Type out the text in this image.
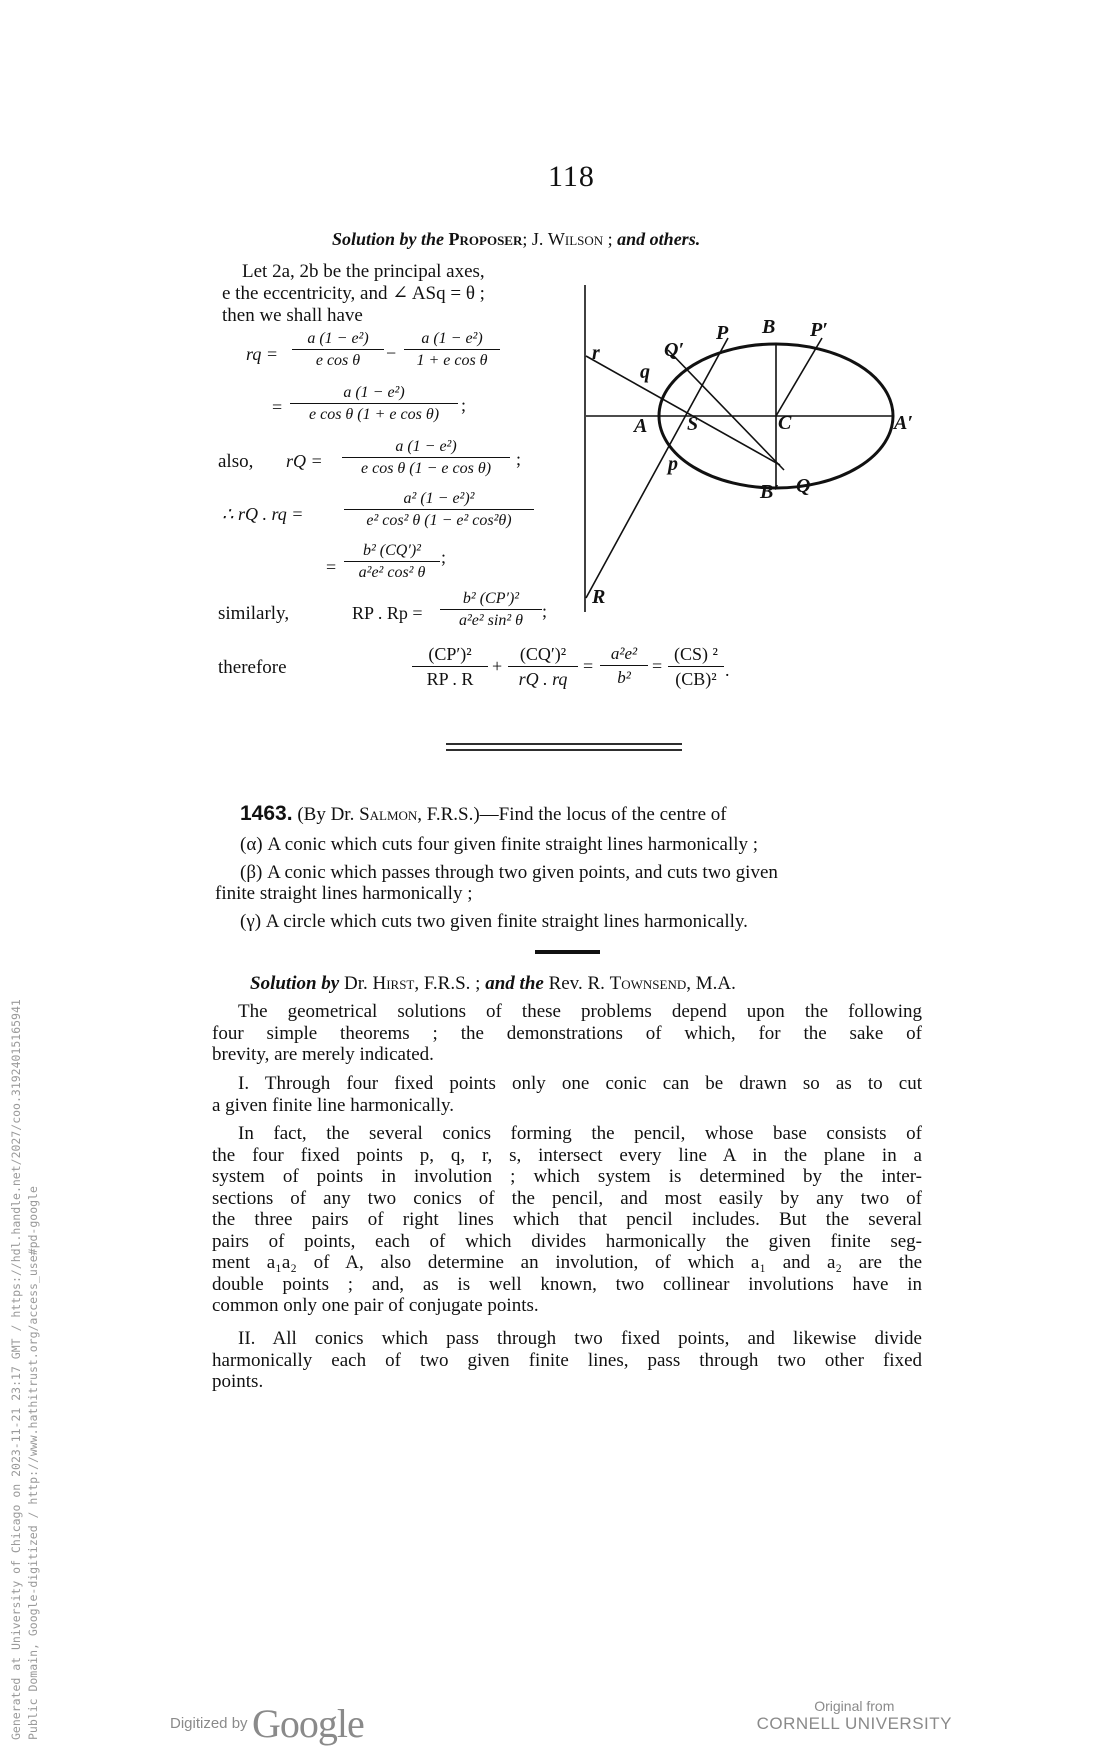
118
Solution by the Proposer; J. Wilson ; and others.
Let 2a, 2b be the principal axes,
e the eccentricity, and ∠ ASq = θ ;
then we shall have
rq = $\frac{\text{a (1 − e²)}}{\text{e cos θ}} - \frac{\text{a (1 − e²)}}{\text{1 + e cos θ}}$
= $\frac{\text{a (1 − e²)}}{\text{e cos θ (1 + e cos θ)}}$ ;
also, rQ = $\frac{\text{a (1 − e²)}}{\text{e cos θ (1 − e cos θ)}}$ ;
∴ rQ . rq =	$\frac{\text{a² (1 − e²)²}}{\text{e² cos² θ (1 − e² cos²θ)}}$
= $\frac{\text{b² (CQ′)²}}{\text{a²e² cos² θ}}$ ;
similarly,	RP . $Rp = \frac{\text{b² (CP′)²}}{\text{a²e² sin² θ}}$ ;
therefore	$\frac{\text{(CP′)²}}{RP . R} + \frac{\text{(CQ′)²}}{rQ . rq} = \frac{\text{a²e²}}{\text{b²}} = \frac{\text{(CS) ²}}{\text{(CB)²}}$ .
r	Q′
P B P′
q
A S	C	A′
p
B′ Q
R
1463. (By Dr. Salmon, F.R.S.)—Find the locus of the centre of
(α) A conic which cuts four given finite straight lines harmonically ;
(β) A conic which passes through two given points, and cuts two given
finite straight lines harmonically ;
(γ) A circle which cuts two given finite straight lines harmonically.
Solution by Dr. Hirst, F.R.S. ; and the Rev. R. Townsend, M.A.
The geometrical solutions of these problems depend upon the following
four simple theorems ; the demonstrations of which, for the sake of
brevity, are merely indicated.
I. Through four fixed points only one conic can be drawn so as to cut
a given finite line harmonically.
In fact, the several conics forming the pencil, whose base consists of
the four fixed points p, q, r, s, intersect every line A in the plane in a
system of points in involution ; which system is determined by the inter-
sections of any two conics of the pencil, and most easily by any two of
the three pairs of right lines which that pencil includes. But the several
pairs of points, each of which divides harmonically the given finite seg-
ment a₁a₂ of A, also determine an involution, of which a₁ and a₂ are the
double points ; and, as is well known, two collinear involutions have in
common only one pair of conjugate points.
II. All conics which pass through two fixed points, and likewise divide
harmonically each of two given finite lines, pass through two other fixed
points.
Generated at University of Chicago on 2023-11-21 23:17 GMT / https://hdl.handle.net/2027/coo.31924015165941 Public Domain, Google-digitized / http://www.hathitrust.org/access_use#pd-google	Digitized by Google	Original from
CORNELL UNIVERSITY
